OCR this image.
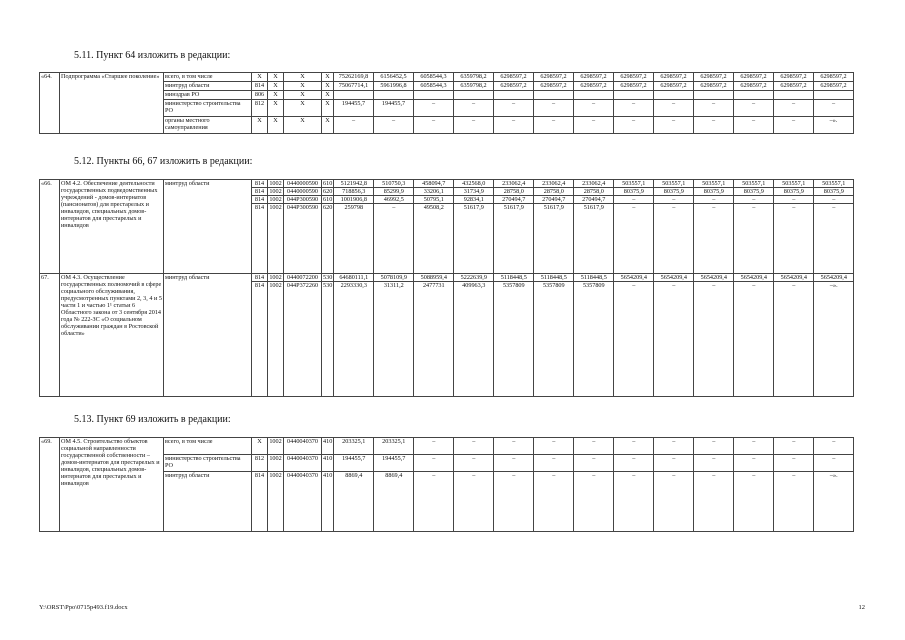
5.11. Пункт 64 изложить в редакции:
5.12. Пункты 66, 67 изложить в редакции:
5.13. Пункт 69 изложить в редакции:
«64.	Подпрограмма «Старшее поколение»	всего, в том числе	X	X	X	X	75262169,8	6156452,5	6058544,3	6359798,2	6298597,2	6298597,2	6298597,2	6298597,2	6298597,2	6298597,2	6298597,2	6298597,2	6298597,2
		минтруд области	814	X	X	X	75067714,1	5961996,8	6058544,3	6359798,2	6298597,2	6298597,2	6298597,2	6298597,2	6298597,2	6298597,2	6298597,2	6298597,2	6298597,2
		минздрав РО	806	X	X	X													
		министерство строительства РО	812	X	X	X	194455,7	194455,7	–	–	–	–	–	–	–	–	–	–	–
		органы местного самоуправления	X	X	X	X	–	–	–	–	–	–	–	–	–	–	–	–	–».
«66.	ОМ 4.2. Обеспечение деятельности государственных подведомственных учреждений - домов-интернатов (пансионатов) для престарелых и инвалидов, специальных домов-интернатов для престарелых и инвалидов	минтруд области	814	1002	0440000590	610	5121942,8	510750,3	458094,7	432568,0	233062,4	233062,4	233062,4	503557,1	503557,1	503557,1	503557,1	503557,1	503557,1
			814	1002	0440000590	620	718856,3	85299,9	33206,1	31734,9	28758,0	28758,0	28758,0	80375,9	80375,9	80375,9	80375,9	80375,9	80375,9
			814	1002	044P300590	610	1001906,8	46992,5	50795,1	92834,1	270494,7	270494,7	270494,7	–	–	–	–	–	–
			814	1002	044P300590	620	259798	–	49508,2	51617,9	51617,9	51617,9	51617,9	–	–	–	–	–	–
67.	ОМ 4.3. Осуществление государственных полномочий в сфере социального обслуживания, предусмотренных пунктами 2, 3, 4 и 5 части 1 и частью 1¹ статьи 6 Областного закона от 3 сентября 2014 года № 222-ЗС «О социальном обслуживании граждан в Ростовской области»	минтруд области	814	1002	0440072200	530	64680111,1	5078109,9	5088959,4	5222639,9	5118448,5	5118448,5	5118448,5	5654209,4	5654209,4	5654209,4	5654209,4	5654209,4	5654209,4
			814	1002	044P372260	530	2293330,3	31311,2	2477731	409963,3	5357809	5357809	5357809	–	–	–	–	–	–».
«69.	ОМ 4.5. Строительство объектов социальной направленности государственной собственности – домов-интернатов для престарелых и инвалидов, специальных домов-интернатов для престарелых и инвалидов	всего, в том числе	X	1002	0440040370	410	203325,1	203325,1	–	–	–	–	–	–	–	–	–	–	–
		министерство строительства РО	812	1002	0440040370	410	194455,7	194455,7	–	–	–	–	–	–	–	–	–	–	–
		минтруд области	814	1002	0440040370	410	8869,4	8869,4	–	–	–	–	–	–	–	–	–	–	–».
Y:\ORST\Ppo\0715p493.f19.docx	12
